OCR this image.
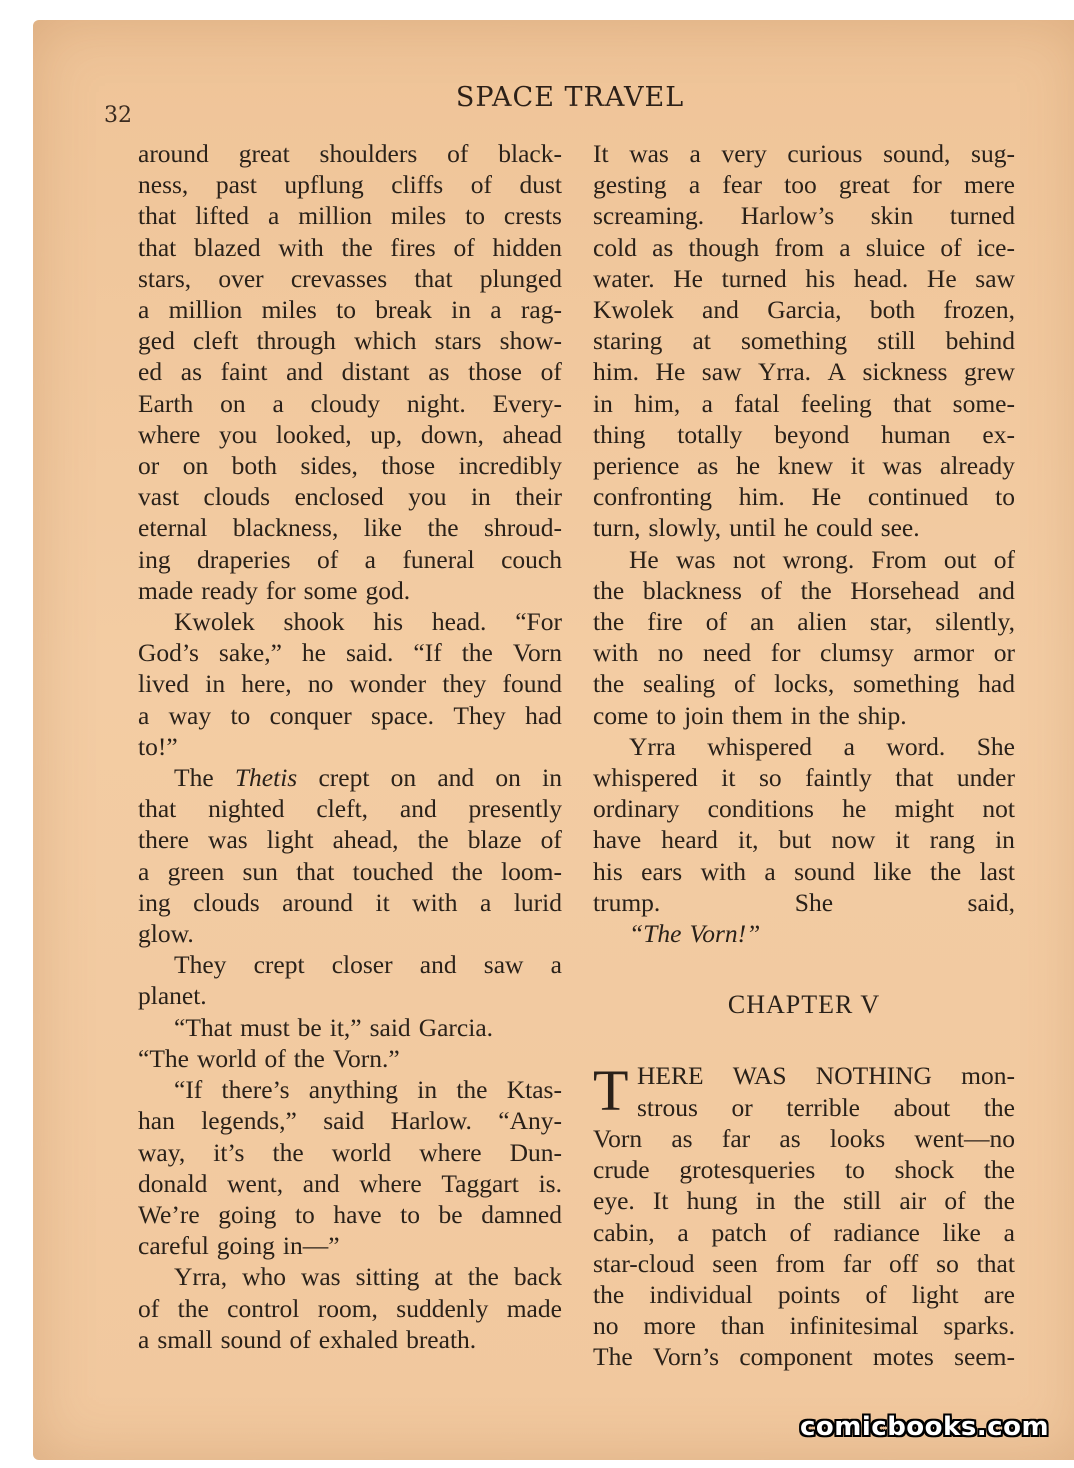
32
SPACE TRAVEL
around great shoulders of black-
ness, past upflung cliffs of dust
that lifted a million miles to crests
that blazed with the fires of hidden
stars, over crevasses that plunged
a million miles to break in a rag-
ged cleft through which stars show-
ed as faint and distant as those of
Earth on a cloudy night. Every-
where you looked, up, down, ahead
or on both sides, those incredibly
vast clouds enclosed you in their
eternal blackness, like the shroud-
ing draperies of a funeral couch
made ready for some god.
Kwolek shook his head. “For
God’s sake,” he said. “If the Vorn
lived in here, no wonder they found
a way to conquer space. They had
to!”
The Thetis crept on and on in
that nighted cleft, and presently
there was light ahead, the blaze of
a green sun that touched the loom-
ing clouds around it with a lurid
glow.
They crept closer and saw a
planet.
“That must be it,” said Garcia.
“The world of the Vorn.”
“If there’s anything in the Ktas-
han legends,” said Harlow. “Any-
way, it’s the world where Dun-
donald went, and where Taggart is.
We’re going to have to be damned
careful going in—”
Yrra, who was sitting at the back
of the control room, suddenly made
a small sound of exhaled breath.
It was a very curious sound, sug-
gesting a fear too great for mere
screaming. Harlow’s skin turned
cold as though from a sluice of ice-
water. He turned his head. He saw
Kwolek and Garcia, both frozen,
staring at something still behind
him. He saw Yrra. A sickness grew
in him, a fatal feeling that some-
thing totally beyond human ex-
perience as he knew it was already
confronting him. He continued to
turn, slowly, until he could see.
He was not wrong. From out of
the blackness of the Horsehead and
the fire of an alien star, silently,
with no need for clumsy armor or
the sealing of locks, something had
come to join them in the ship.
Yrra whispered a word. She
whispered it so faintly that under
ordinary conditions he might not
have heard it, but now it rang in
his ears with a sound like the last
trump.	She	said,
“The Vorn!”
CHAPTER V
T HERE WAS NOTHING mon-
strous or terrible about the
Vorn as far as looks went—no
crude grotesqueries to shock the
eye. It hung in the still air of the
cabin, a patch of radiance like a
star-cloud seen from far off so that
the individual points of light are
no more than infinitesimal sparks.
The Vorn’s component motes seem-
comicbooks.com
